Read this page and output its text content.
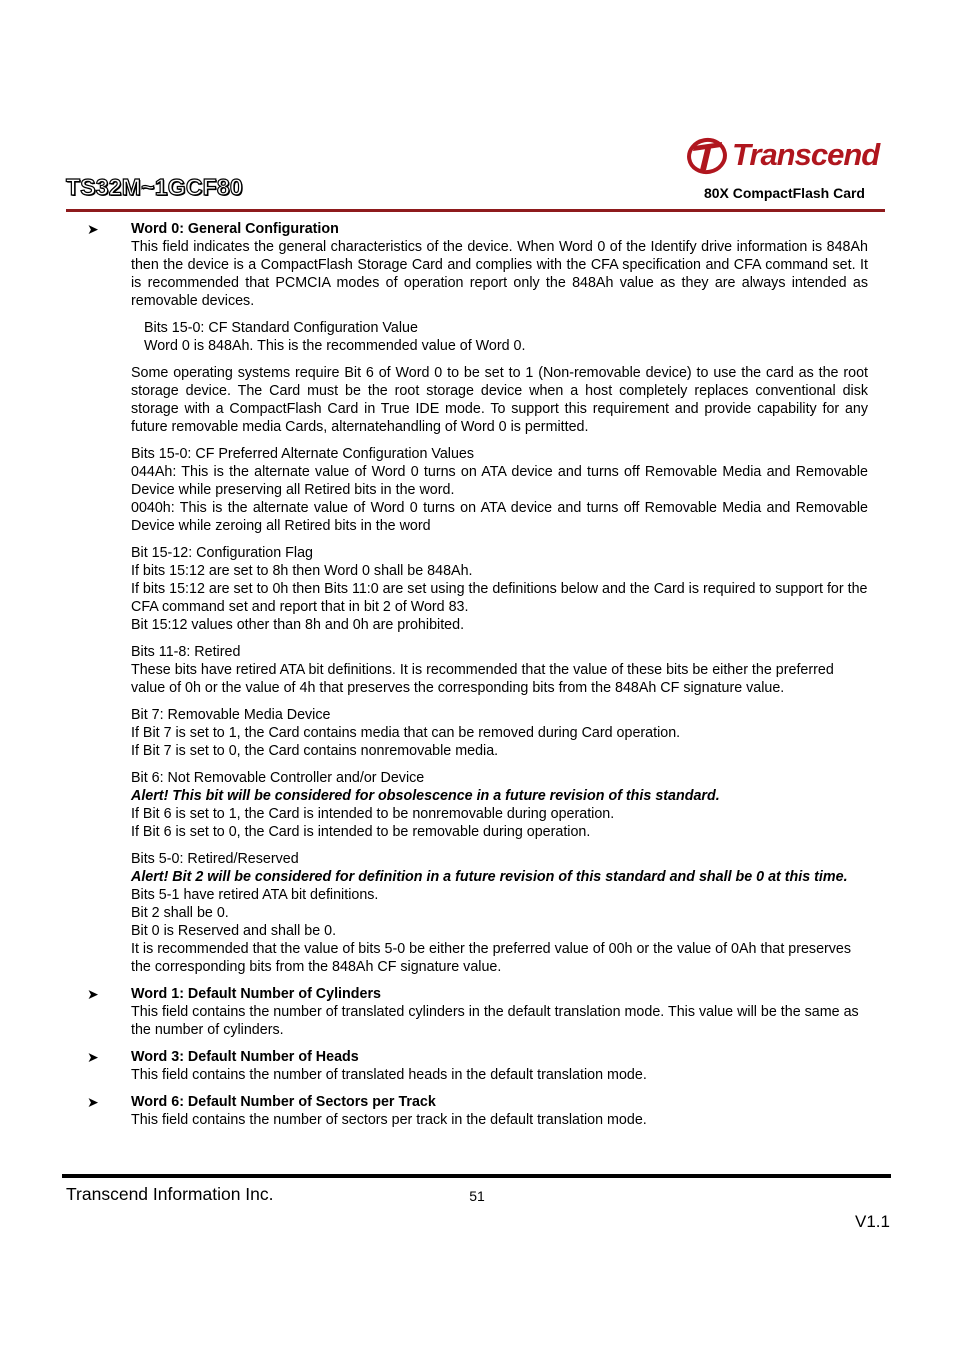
TS32M~1GCF80
Transcend
80X CompactFlash Card

➤ Word 0: General Configuration

This field indicates the general characteristics of the device. When Word 0 of the Identify drive information is 848Ah then the device is a CompactFlash Storage Card and complies with the CFA specification and CFA command set. It is recommended that PCMCIA modes of operation report only the 848Ah value as they are always intended as removable devices.

Bits 15-0: CF Standard Configuration Value

Word 0 is 848Ah. This is the recommended value of Word 0.

Some operating systems require Bit 6 of Word 0 to be set to 1 (Non-removable device) to use the card as the root storage device. The Card must be the root storage device when a host completely replaces conventional disk storage with a CompactFlash Card in True IDE mode. To support this requirement and provide capability for any future removable media Cards, alternatehandling of Word 0 is permitted.

Bits 15-0: CF Preferred Alternate Configuration Values

044Ah: This is the alternate value of Word 0 turns on ATA device and turns off Removable Media and Removable Device while preserving all Retired bits in the word.

0040h: This is the alternate value of Word 0 turns on ATA device and turns off Removable Media and Removable Device while zeroing all Retired bits in the word

Bit 15-12: Configuration Flag

If bits 15:12 are set to 8h then Word 0 shall be 848Ah.

If bits 15:12 are set to 0h then Bits 11:0 are set using the definitions below and the Card is required to support for the CFA command set and report that in bit 2 of Word 83.

Bit 15:12 values other than 8h and 0h are prohibited.

Bits 11-8: Retired

These bits have retired ATA bit definitions. It is recommended that the value of these bits be either the preferred value of 0h or the value of 4h that preserves the corresponding bits from the 848Ah CF signature value.

Bit 7: Removable Media Device

If Bit 7 is set to 1, the Card contains media that can be removed during Card operation.

If Bit 7 is set to 0, the Card contains nonremovable media.

Bit 6: Not Removable Controller and/or Device

Alert! This bit will be considered for obsolescence in a future revision of this standard.

If Bit 6 is set to 1, the Card is intended to be nonremovable during operation.

If Bit 6 is set to 0, the Card is intended to be removable during operation.

Bits 5-0: Retired/Reserved

Alert! Bit 2 will be considered for definition in a future revision of this standard and shall be 0 at this time.

Bits 5-1 have retired ATA bit definitions.

Bit 2 shall be 0.

Bit 0 is Reserved and shall be 0.

It is recommended that the value of bits 5-0 be either the preferred value of 00h or the value of 0Ah that preserves the corresponding bits from the 848Ah CF signature value.

➤ Word 1: Default Number of Cylinders

This field contains the number of translated cylinders in the default translation mode. This value will be the same as the number of cylinders.

➤ Word 3: Default Number of Heads

This field contains the number of translated heads in the default translation mode.

➤ Word 6: Default Number of Sectors per Track

This field contains the number of sectors per track in the default translation mode.

Transcend Information Inc.	51
V1.1
